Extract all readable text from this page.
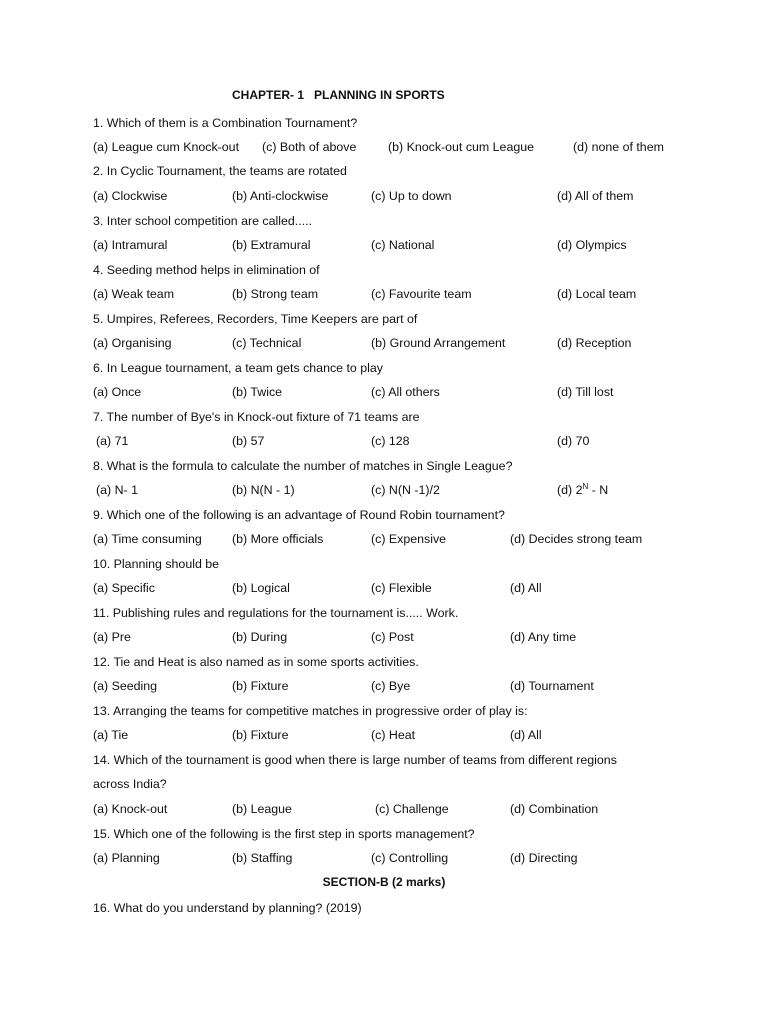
CHAPTER- 1   PLANNING IN SPORTS
1. Which of them is a Combination Tournament?
(a) League cum Knock-out (c) Both of above	(b) Knock-out cum League	(d) none of them
2. In Cyclic Tournament, the teams are rotated
(a) Clockwise	(b) Anti-clockwise	(c) Up to down	(d) All of them
3. Inter school competition are called.....
(a) Intramural	(b) Extramural	(c) National	(d) Olympics
4. Seeding method helps in elimination of
(a) Weak team	(b) Strong team	(c) Favourite team	(d) Local team
5. Umpires, Referees, Recorders, Time Keepers are part of
(a) Organising	(c) Technical	(b) Ground Arrangement	(d) Reception
6. In League tournament, a team gets chance to play
(a) Once	(b) Twice	(c) All others	(d) Till lost
7. The number of Bye's in Knock-out fixture of 71 teams are
(a) 71	(b) 57	(c) 128	(d) 70
8. What is the formula to calculate the number of matches in Single League?
(a) N- 1	(b) N(N - 1)	(c) N(N -1)/2	(d) $2^N$ - N
9. Which one of the following is an advantage of Round Robin tournament?
(a) Time consuming (b) More officials	(c) Expensive	(d) Decides strong team
10. Planning should be
(a) Specific	(b) Logical	(c) Flexible	(d) All
11. Publishing rules and regulations for the tournament is..... Work.
(a) Pre	(b) During	(c) Post	(d) Any time
12. Tie and Heat is also named as in some sports activities.
(a) Seeding	(b) Fixture	(c) Bye	(d) Tournament
13. Arranging the teams for competitive matches in progressive order of play is:
(a) Tie	(b) Fixture	(c) Heat	(d) All
14. Which of the tournament is good when there is large number of teams from different regions
across India?
(a) Knock-out	(b) League	(c) Challenge	(d) Combination
15. Which one of the following is the first step in sports management?
(a) Planning	(b) Staffing	(c) Controlling	(d) Directing
SECTION-B (2 marks)
16. What do you understand by planning? (2019)
